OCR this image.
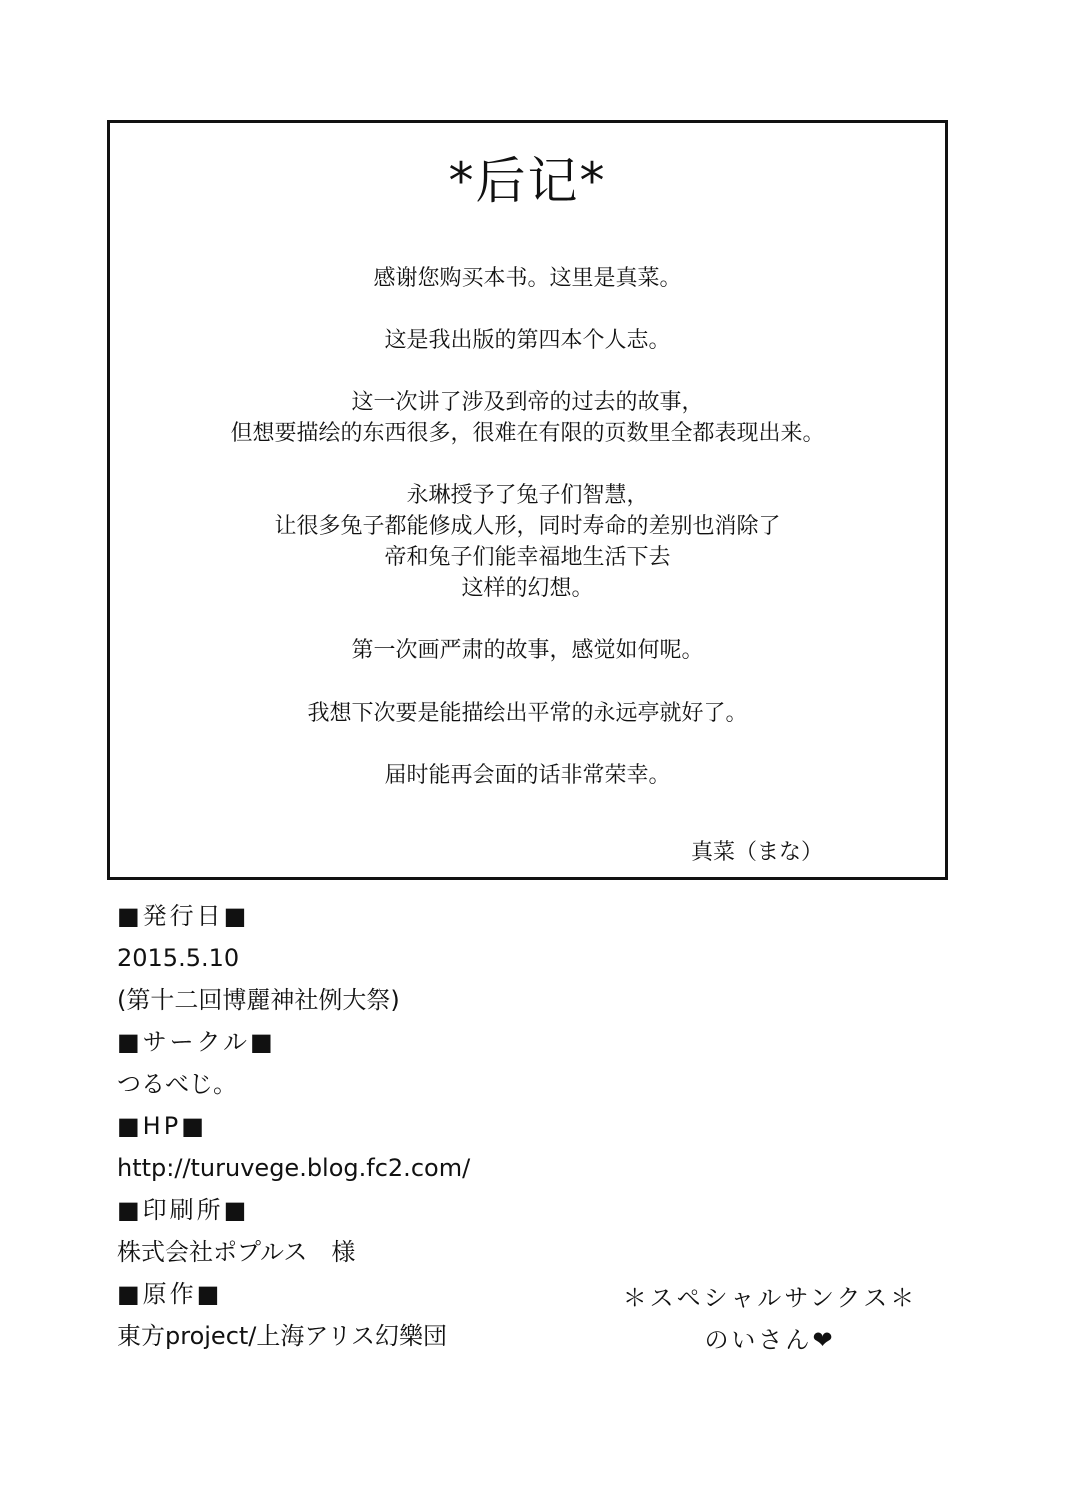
*后记*

感谢您购买本书。这里是真菜。

这是我出版的第四本个人志。

这一次讲了涉及到帝的过去的故事，
但想要描绘的东西很多，很难在有限的页数里全都表现出来。

永琳授予了兔子们智慧，
让很多兔子都能修成人形，同时寿命的差别也消除了
帝和兔子们能幸福地生活下去
这样的幻想。

第一次画严肃的故事，感觉如何呢。

我想下次要是能描绘出平常的永远亭就好了。

届时能再会面的话非常荣幸。

真菜（まな）
■発行日■
2015.5.10
(第十二回博麗神社例大祭)
■サークル■
つるべじ。
■HP■
http://turuvege.blog.fc2.com/
■印刷所■
株式会社ポプルス　様
■原作■
東方project/上海アリス幻樂団
＊スペシャルサンクス＊
のいさん❤
